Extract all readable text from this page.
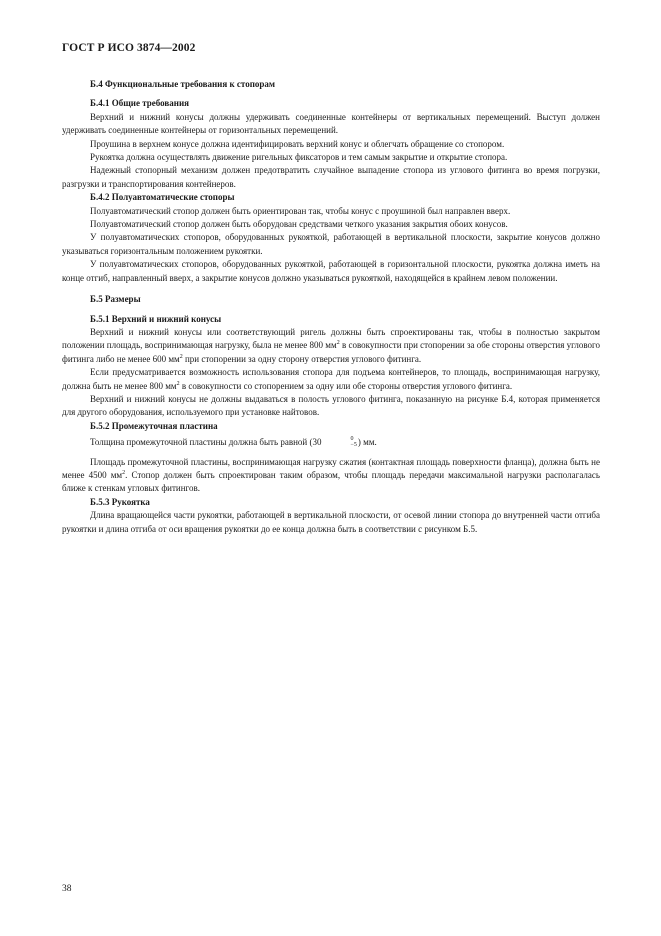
ГОСТ Р ИСО 3874—2002
Б.4 Функциональные требования к стопорам
Б.4.1 Общие требования

Верхний и нижний конусы должны удерживать соединенные контейнеры от вертикальных перемещений. Выступ должен удерживать соединенные контейнеры от горизонтальных перемещений.

Проушина в верхнем конусе должна идентифицировать верхний конус и облегчать обращение со стопором.

Рукоятка должна осуществлять движение ригельных фиксаторов и тем самым закрытие и открытие стопора.

Надежный стопорный механизм должен предотвратить случайное выпадение стопора из углового фитинга во время погрузки, разгрузки и транспортирования контейнеров.

Б.4.2 Полуавтоматические стопоры

Полуавтоматический стопор должен быть ориентирован так, чтобы конус с проушиной был направлен вверх.

Полуавтоматический стопор должен быть оборудован средствами четкого указания закрытия обоих конусов.

У полуавтоматических стопоров, оборудованных рукояткой, работающей в вертикальной плоскости, закрытие конусов должно указываться горизонтальным положением рукоятки.

У полуавтоматических стопоров, оборудованных рукояткой, работающей в горизонтальной плоскости, рукоятка должна иметь на конце отгиб, направленный вверх, а закрытие конусов должно указываться рукояткой, находящейся в крайнем левом положении.

Б.5 Размеры
Б.5.1 Верхний и нижний конусы

Верхний и нижний конусы или соответствующий ригель должны быть спроектированы так, чтобы в полностью закрытом положении площадь, воспринимающая нагрузку, была не менее 800 $мм^2$ в совокупности при стопорении за обе стороны отверстия углового фитинга либо не менее 600 $мм^2$ при стопорении за одну сторону отверстия углового фитинга.

Если предусматривается возможность использования стопора для подъема контейнеров, то площадь, воспринимающая нагрузку, должна быть не менее 800 $мм^2$ в совокупности со стопорением за одну или обе стороны отверстия углового фитинга.

Верхний и нижний конусы не должны выдаваться в полость углового фитинга, показанную на рисунке Б.4, которая применяется для другого оборудования, используемого при установке найтовов.

Б.5.2 Промежуточная пластина

Толщина промежуточной пластины должна быть равной (30	0
−5 ) мм.

Площадь промежуточной пластины, воспринимающая нагрузку сжатия (контактная площадь поверхности фланца), должна быть не менее 4500 $мм^2$. Стопор должен быть спроектирован таким образом, чтобы площадь передачи максимальной нагрузки располагалась ближе к стенкам угловых фитингов.

Б.5.3 Рукоятка

Длина вращающейся части рукоятки, работающей в вертикальной плоскости, от осевой линии стопора до внутренней части отгиба рукоятки и длина отгиба от оси вращения рукоятки до ее конца должна быть в соответствии с рисунком Б.5.

38
